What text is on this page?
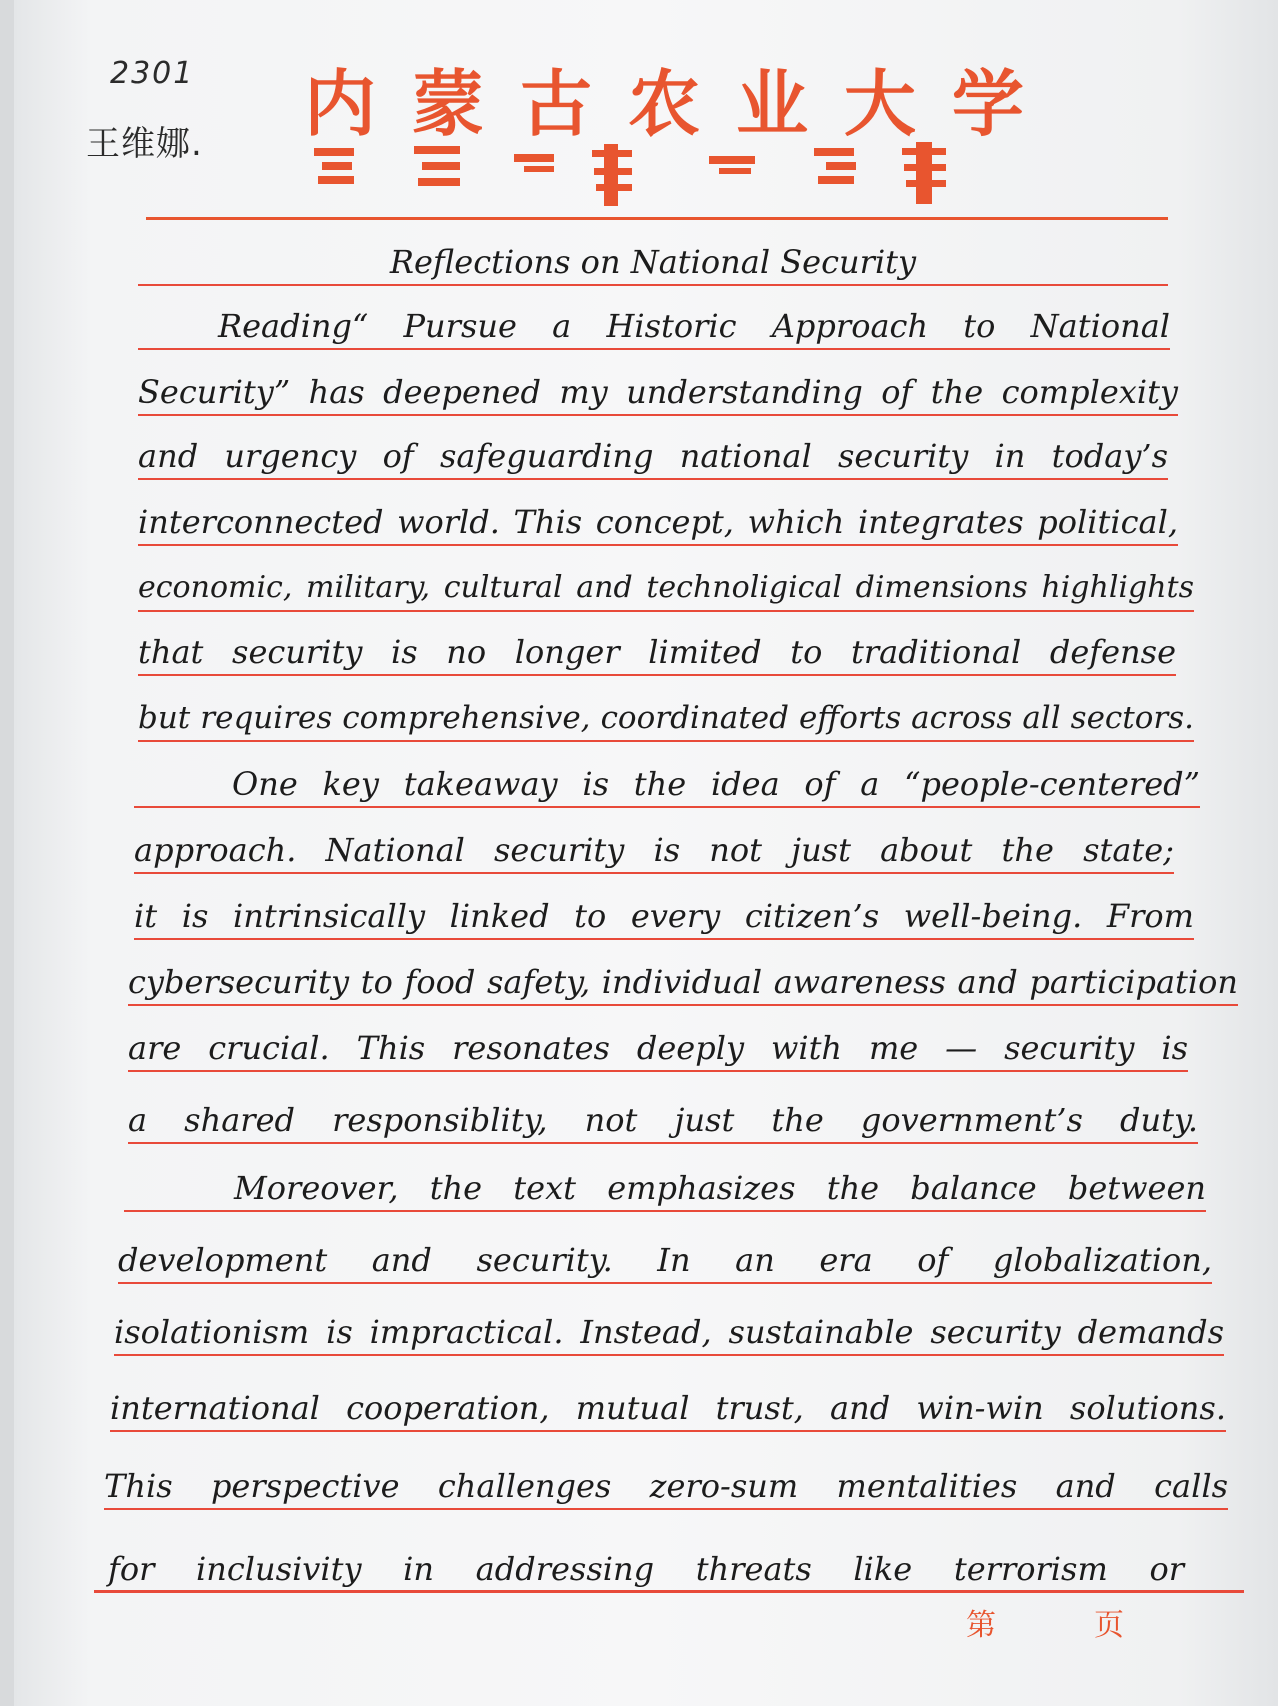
2301
王维娜. 内 蒙 古 农 业 大 学
Reflections on National Security
Reading“ Pursue a Historic Approach to National
Security” has deepened my understanding of the complexity
and urgency of safeguarding national security in today’s
interconnected world. This concept, which integrates political,
economic, military, cultural and technoligical dimensions highlights
that security is no longer limited to traditional defense
but requires comprehensive, coordinated efforts across all sectors.
One key takeaway is the idea of a “people-centered”
approach. National security is not just about the state;
it is intrinsically linked to every citizen’s well-being. From
cybersecurity to food safety, individual awareness and participation
are crucial. This resonates deeply with me — security is
a shared responsiblity, not just the government’s duty.
Moreover, the text emphasizes the balance between
development and security. In an era of globalization,
isolationism is impractical. Instead, sustainable security demands
international cooperation, mutual trust, and win-win solutions.
This perspective challenges zero-sum mentalities and calls
for inclusivity in addressing threats like terrorism or
第	页
